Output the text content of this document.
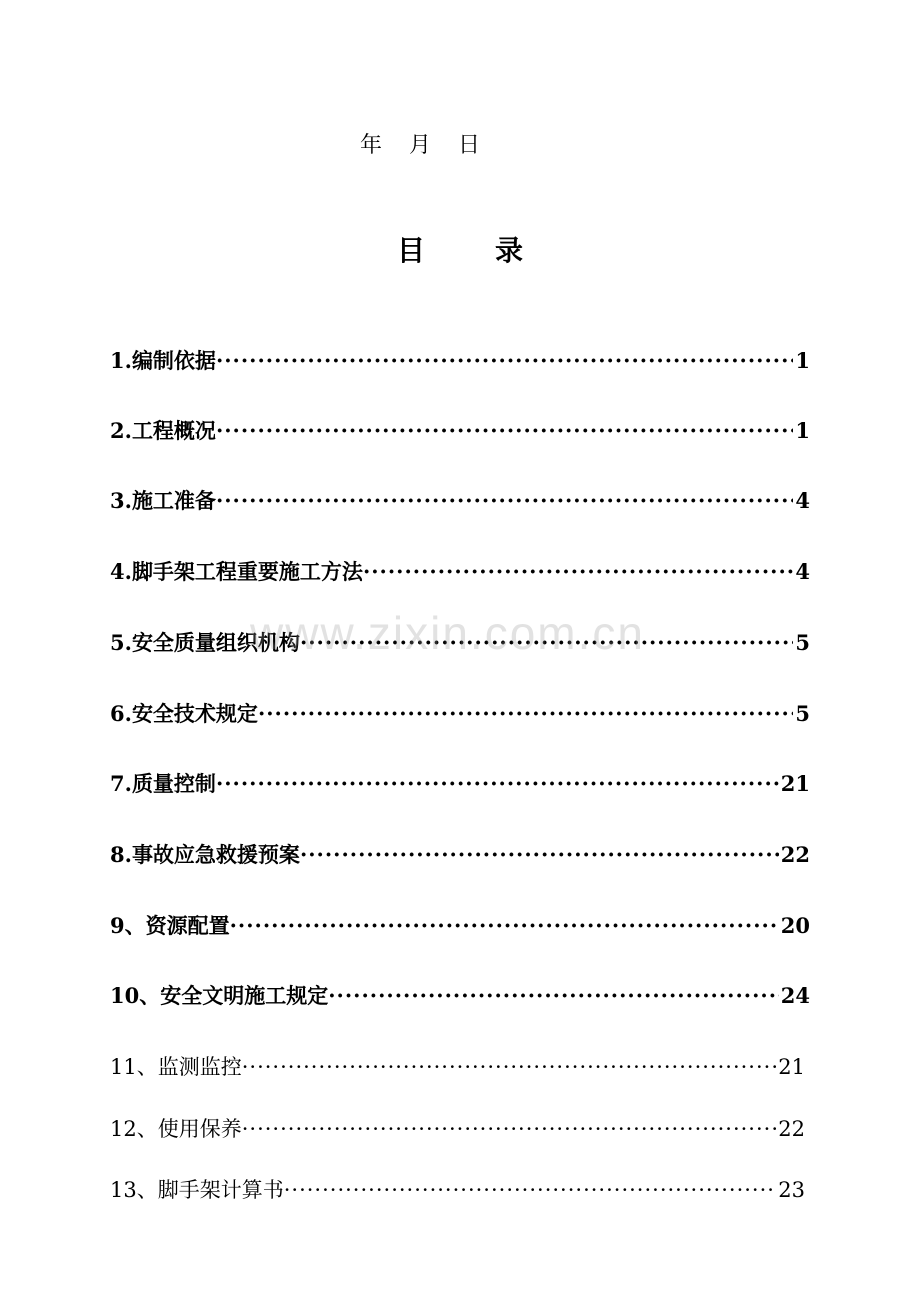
年 月 日
目	录
1. 编制依据 ·····	1
2. 工程概况 ·····	1
3. 施工准备 ·····	4
4. 脚手架工程重要施工方法 ·····	4
5. 安全质量组织机构 ·····	5
6. 安全技术规定 ·····	5
7. 质量控制 ·····	21
8. 事故应急救援预案 ·····	22
9、 资源配置 ·····	20
10、 安全文明施工规定 ·····	24
11、 监测监控 ·····	21
12、 使用保养 ·····	22
13、 脚手架计算书 ·····	23
www.zixin.com.cn
